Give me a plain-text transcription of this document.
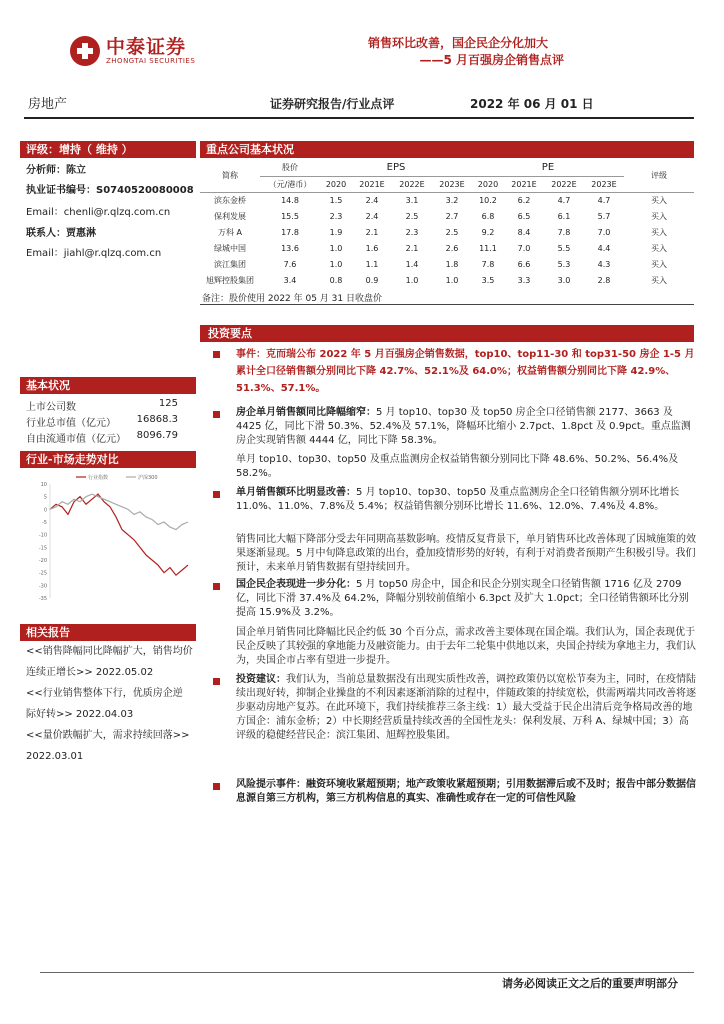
中泰证券
ZHONGTAI SECURITIES
销售环比改善，国企民企分化加大
——5 月百强房企销售点评
房地产	证券研究报告/行业点评	2022 年 06 月 01 日
评级：增持（ 维持 ）
分析师：陈立
执业证书编号：S0740520080008
Email：chenli@r.qlzq.com.cn
联系人：贾惠淋
Email：jiahl@r.qlzq.com.cn
基本状况
上市公司数	125
行业总市值（亿元） 16868.3
自由流通市值（亿元） 8096.79
行业-市场走势对比
-35
-30
-25
-20
-15
-10
-5
0
5
10
行业指数	沪深300
相关报告
<<销售降幅同比降幅扩大，销售均价
连续正增长>> 2022.05.02
<<行业销售整体下行，优质房企逆
际好转>> 2022.04.03
<<量价跌幅扩大，需求持续回落>>
2022.03.01
重点公司基本状况
简称	股价	EPS				PE				评级
	（元/港币）	2020	2021E	2022E	2023E	2020	2021E	2022E	2023E	
滨东金桥	14.8	1.5	2.4	3.1	3.2	10.2	6.2	4.7	4.7	买入
保利发展	15.5	2.3	2.4	2.5	2.7	6.8	6.5	6.1	5.7	买入
万科 A	17.8	1.9	2.1	2.3	2.5	9.2	8.4	7.8	7.0	买入
绿城中国	13.6	1.0	1.6	2.1	2.6	11.1	7.0	5.5	4.4	买入
滨江集团	7.6	1.0	1.1	1.4	1.8	7.8	6.6	5.3	4.3	买入
旭辉控股集团	3.4	0.8	0.9	1.0	1.0	3.5	3.3	3.0	2.8	买入
备注：股价使用 2022 年 05 月 31 日收盘价
投资要点
事件：克而瑞公布 2022 年 5 月百强房企销售数据，top10、top11-30 和 top31-50 房企 1-5 月累计全口径销售额分别同比下降 42.7%、52.1%及 64.0%；权益销售额分别同比下降 42.9%、51.3%、57.1%。
房企单月销售额同比降幅缩窄：5 月 top10、top30 及 top50 房企全口径销售额 2177、3663 及 4425 亿，同比下滑 50.3%、52.4%及 57.1%，降幅环比缩小 2.7pct、1.8pct 及 0.9pct。重点监测房企实现销售额 4444 亿，同比下降 58.3%。
单月 top10、top30、top50 及重点监测房企权益销售额分别同比下降 48.6%、50.2%、56.4%及 58.2%。
单月销售额环比明显改善：5 月 top10、top30、top50 及重点监测房企全口径销售额分别环比增长 11.0%、11.0%、7.8%及 5.4%；权益销售额分别环比增长 11.6%、12.0%、7.4%及 4.8%。
销售同比大幅下降部分受去年同期高基数影响。疫情反复背景下，单月销售环比改善体现了因城施策的效果逐渐显现。5 月中旬降息政策的出台，叠加疫情形势的好转，有利于对消费者预期产生积极引导。我们预计，未来单月销售数据有望持续回升。
国企民企表现进一步分化：5 月 top50 房企中，国企和民企分别实现全口径销售额 1716 亿及 2709 亿，同比下滑 37.4%及 64.2%，降幅分别较前值缩小 6.3pct 及扩大 1.0pct；全口径销售额环比分别提高 15.9%及 3.2%。
国企单月销售同比降幅比民企约低 30 个百分点，需求改善主要体现在国企端。我们认为，国企表现优于民企反映了其较强的拿地能力及融资能力。由于去年二轮集中供地以来，央国企持续为拿地主力，我们认为，央国企市占率有望进一步提升。
投资建议：我们认为，当前总量数据没有出现实质性改善，调控政策仍以宽松节奏为主，同时，在疫情陆续出现好转，抑制企业操盘的不利因素逐渐消除的过程中，伴随政策的持续宽松，供需两端共同改善将逐步驱动房地产复苏。在此环境下，我们持续推荐三条主线：1）最大受益于民企出清后竞争格局改善的地方国企：浦东金桥；2）中长期经营质量持续改善的全国性龙头：保利发展、万科 A、绿城中国；3）高评级的稳健经营民企：滨江集团、旭辉控股集团。
风险提示事件：融资环境收紧超预期；地产政策收紧超预期；引用数据滞后或不及时；报告中部分数据信息源自第三方机构，第三方机构信息的真实、准确性或存在一定的可信性风险
请务必阅读正文之后的重要声明部分
